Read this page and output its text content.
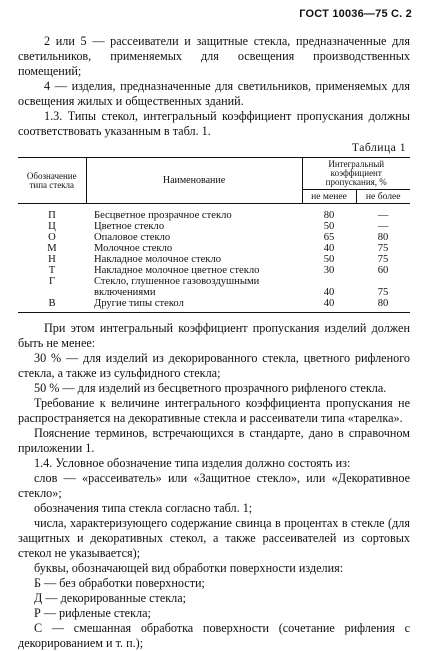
ГОСТ 10036—75 С. 2

2 или 5 — рассеиватели и защитные стекла, предназначенные для светильников, применяемых для освещения производственных помещений;

4 — изделия, предназначенные для светильников, применяемых для освещения жилых и общественных зданий.

1.3. Типы стекол, интегральный коэффициент пропускания должны соответствовать указанным в табл. 1.

Таблица 1
Обозначение типа стекла	Наименование	Интегральный коэффициент пропускания, %	
		не менее	не более
П	Бесцветное прозрачное стекло	80	—
Ц	Цветное стекло	50	—
О	Опаловое стекло	65	80
М	Молочное стекло	40	75
Н	Накладное молочное стекло	50	75
Т	Накладное молочное цветное стекло	30	60
Г	Стекло, глушенное газовоздушными включениями	40	75
В	Другие типы стекол	40	80

При этом интегральный коэффициент пропускания изделий должен быть не менее:

30 % — для изделий из декорированного стекла, цветного рифленого стекла, а также из сульфидного стекла;

50 % — для изделий из бесцветного прозрачного рифленого стекла.

Требование к величине интегрального коэффициента пропускания не распространяется на декоративные стекла и рассеиватели типа «тарелка».

Пояснение терминов, встречающихся в стандарте, дано в справочном приложении 1.

1.4. Условное обозначение типа изделия должно состоять из:

слов — «рассеиватель» или «Защитное стекло», или «Декоративное стекло»;

обозначения типа стекла согласно табл. 1;

числа, характеризующего содержание свинца в процентах в стекле (для защитных и декоративных стекол, а также рассеивателей из сортовых стекол не указывается);

буквы, обозначающей вид обработки поверхности изделия:

Б — без обработки поверхности;

Д — декорированные стекла;

Р — рифленые стекла;

С — смешанная обработка поверхности (сочетание рифления с декорированием и т. п.);
